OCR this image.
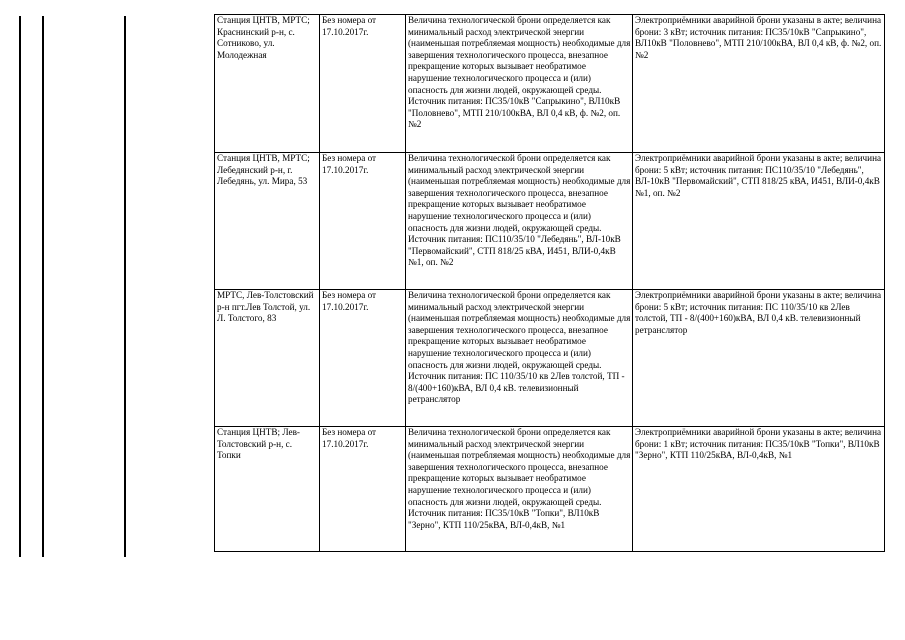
Станция ЦНТВ, МРТС; Краснинский р-н, с. Сотниково, ул. Молодежная	Без номера от 17.10.2017г.	Величина технологической брони определяется как минимальный расход электрической энергии (наименьшая потребляемая мощность) необходимые для завершения технологического процесса, внезапное прекращение которых вызывает необратимое нарушение технологического процесса и (или) опасность для жизни людей, окружающей среды. Источник питания: ПС35/10кВ "Сапрыкино", ВЛ10кВ "Половнево", МТП 210/100кВА, ВЛ 0,4 кВ, ф. №2, оп.№2	Электроприёмники аварийной брони указаны в акте; величина брони: 3 кВт; источник питания: ПС35/10кВ "Сапрыкино", ВЛ10кВ "Половнево", МТП 210/100кВА, ВЛ 0,4 кВ, ф. №2, оп.№2
Станция ЦНТВ, МРТС; Лебедянский р-н, г. Лебедянь, ул. Мира, 53	Без номера от 17.10.2017г.	Величина технологической брони определяется как минимальный расход электрической энергии (наименьшая потребляемая мощность) необходимые для завершения технологического процесса, внезапное прекращение которых вызывает необратимое нарушение технологического процесса и (или) опасность для жизни людей, окружающей среды. Источник питания: ПС110/35/10 "Лебедянь", ВЛ-10кВ "Первомайский", СТП 818/25 кВА, И451, ВЛИ-0,4кВ №1, оп. №2	Электроприёмники аварийной брони указаны в акте; величина брони: 5 кВт; источник питания: ПС110/35/10 "Лебедянь", ВЛ-10кВ "Первомайский", СТП 818/25 кВА, И451, ВЛИ-0,4кВ №1, оп. №2
МРТС, Лев-Толстовский р-н пгт.Лев Толстой, ул. Л. Толстого, 83	Без номера от 17.10.2017г.	Величина технологической брони определяется как минимальный расход электрической энергии (наименьшая потребляемая мощность) необходимые для завершения технологического процесса, внезапное прекращение которых вызывает необратимое нарушение технологического процесса и (или) опасность для жизни людей, окружающей среды. Источник питания: ПС 110/35/10 кв 2Лев толстой, ТП - 8/(400+160)кВА, ВЛ 0,4 кВ. телевизионный ретранслятор	Электроприёмники аварийной брони указаны в акте; величина брони: 5 кВт; источник питания: ПС 110/35/10 кв 2Лев толстой, ТП - 8/(400+160)кВА, ВЛ 0,4 кВ. телевизионный ретранслятор
Станция ЦНТВ; Лев-Толстовский р-н, с. Топки	Без номера от 17.10.2017г.	Величина технологической брони определяется как минимальный расход электрической энергии (наименьшая потребляемая мощность) необходимые для завершения технологического процесса, внезапное прекращение которых вызывает необратимое нарушение технологического процесса и (или) опасность для жизни людей, окружающей среды. Источник питания: ПС35/10кВ "Топки", ВЛ10кВ "Зерно", КТП 110/25кВА, ВЛ-0,4кВ, №1	Электроприёмники аварийной брони указаны в акте; величина брони: 1 кВт; источник питания: ПС35/10кВ "Топки", ВЛ10кВ "Зерно", КТП 110/25кВА, ВЛ-0,4кВ, №1
